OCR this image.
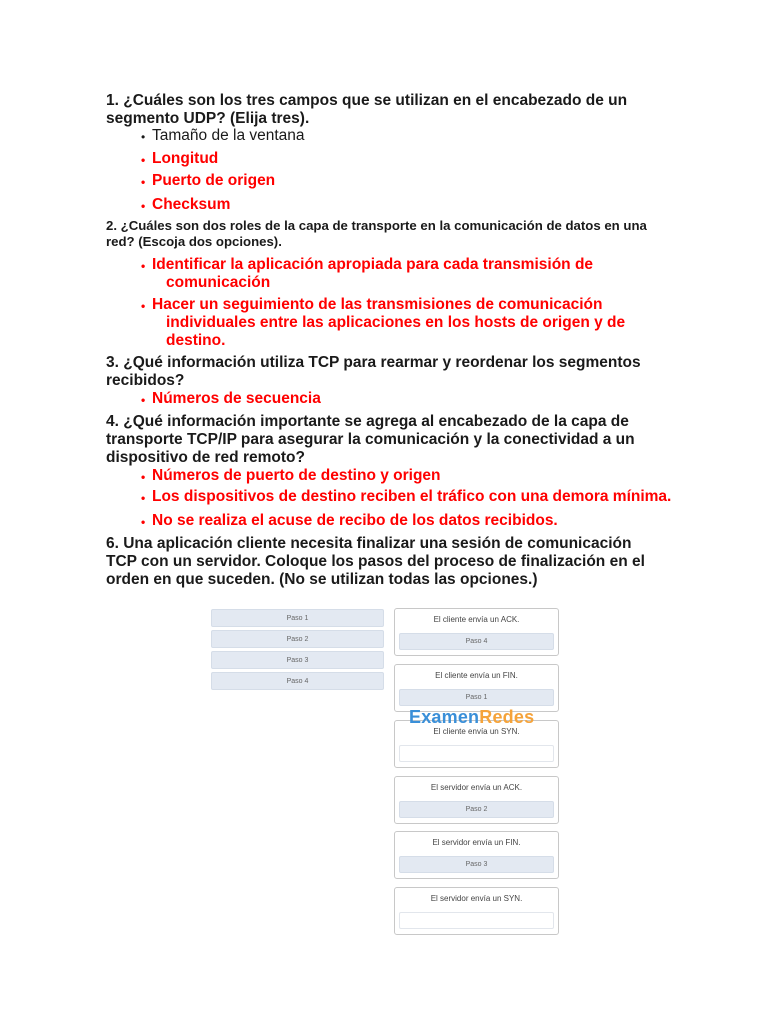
1. ¿Cuáles son los tres campos que se utilizan en el encabezado de un segmento UDP? (Elija tres).

• Tamaño de la ventana

• Longitud

• Puerto de origen

• Checksum

2. ¿Cuáles son dos roles de la capa de transporte en la comunicación de datos en una red? (Escoja dos opciones).

• Identificar la aplicación apropiada para cada transmisión de
comunicación

• Hacer un seguimiento de las transmisiones de comunicación
individuales entre las aplicaciones en los hosts de origen y de
destino.

3. ¿Qué información utiliza TCP para rearmar y reordenar los segmentos recibidos?

• Números de secuencia

4. ¿Qué información importante se agrega al encabezado de la capa de transporte TCP/IP para asegurar la comunicación y la conectividad a un dispositivo de red remoto?

• Números de puerto de destino y origen

• Los dispositivos de destino reciben el tráfico con una demora mínima.

• No se realiza el acuse de recibo de los datos recibidos.

6. Una aplicación cliente necesita finalizar una sesión de comunicación TCP con un servidor. Coloque los pasos del proceso de finalización en el orden en que suceden. (No se utilizan todas las opciones.)

Paso 1
Paso 2
Paso 3
Paso 4
El cliente envía un ACK.
Paso 4
El cliente envía un FIN.
Paso 1
El cliente envía un SYN.
El servidor envía un ACK.
Paso 2
El servidor envía un FIN.
Paso 3
El servidor envía un SYN.
ExamenRedes
